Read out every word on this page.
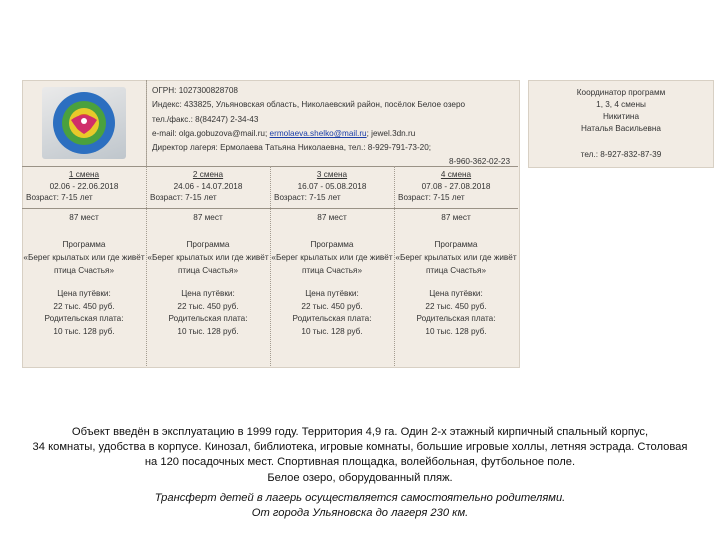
ОГРН: 1027300828708
Индекс: 433825, Ульяновская область, Николаевский район, посёлок Белое озеро
тел./факс.: 8(84247) 2-34-43
e-mail: olga.gobuzova@mail.ru; ermolaeva.shelko@mail.ru; jewel.3dn.ru
Директор лагеря: Ермолаева Татьяна Николаевна, тел.: 8-929-791-73-20;
8-960-362-02-23
Координатор программ
1, 3, 4 смены
Никитина
Наталья Васильевна
тел.: 8-927-832-87-39
1 смена
02.06 - 22.06.2018
Возраст: 7-15 лет
87 мест
Программа
«Берег крылатых или где живёт птица Счастья»
Цена путёвки:
22 тыс. 450 руб.
Родительская плата:
10 тыс. 128 руб.
2 смена
24.06 - 14.07.2018
Возраст: 7-15 лет
87 мест
Программа
«Берег крылатых или где живёт птица Счастья»
Цена путёвки:
22 тыс. 450 руб.
Родительская плата:
10 тыс. 128 руб.
3 смена
16.07 - 05.08.2018
Возраст: 7-15 лет
87 мест
Программа
«Берег крылатых или где живёт птица Счастья»
Цена путёвки:
22 тыс. 450 руб.
Родительская плата:
10 тыс. 128 руб.
4 смена
07.08 - 27.08.2018
Возраст: 7-15 лет
87 мест
Программа
«Берег крылатых или где живёт птица Счастья»
Цена путёвки:
22 тыс. 450 руб.
Родительская плата:
10 тыс. 128 руб.
Объект введён в эксплуатацию в 1999 году. Территория 4,9 га. Один 2-х этажный кирпичный спальный корпус,
34 комнаты, удобства в корпусе. Кинозал, библиотека, игровые комнаты, большие игровые холлы, летняя эстрада. Столовая
на 120 посадочных мест. Спортивная площадка, волейбольная, футбольное поле.
Белое озеро, оборудованный пляж.
Трансферт детей в лагерь осуществляется самостоятельно родителями.
От города Ульяновска до лагеря 230 км.
